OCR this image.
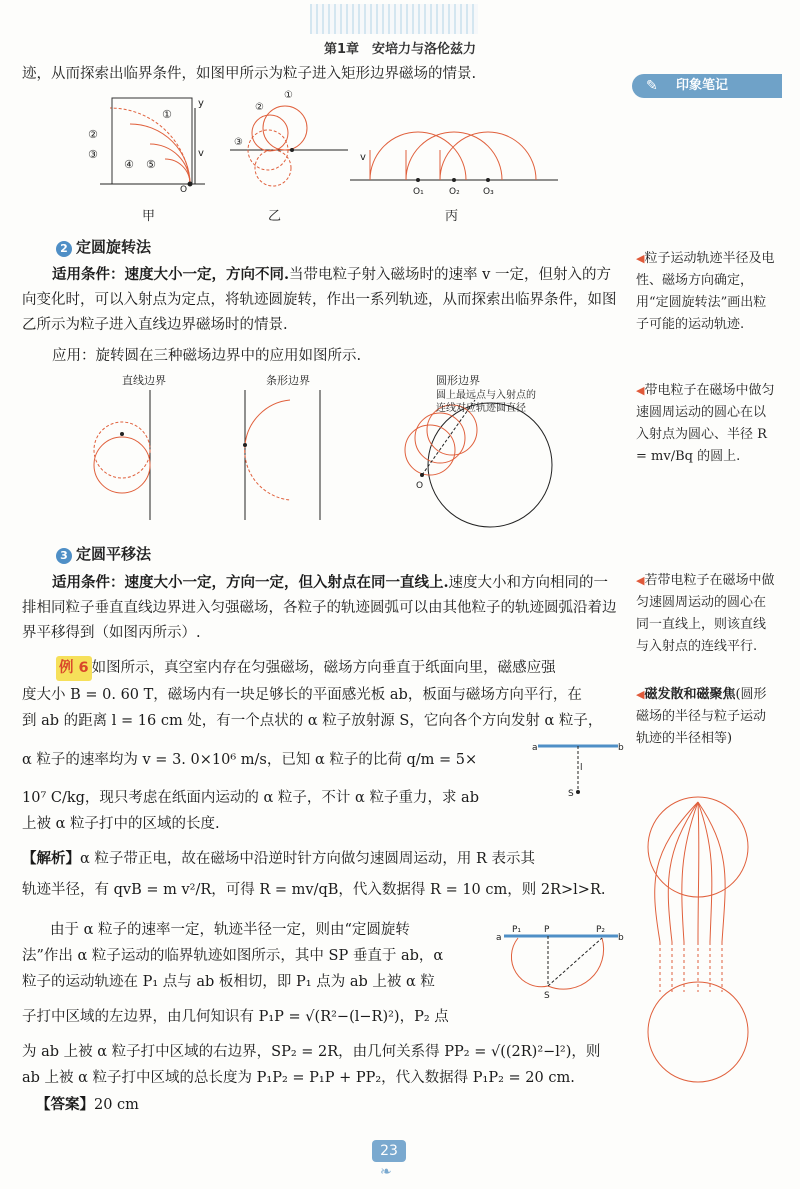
第1章　安培力与洛伦兹力
✎ 印象笔记
迹，从而探索出临界条件，如图甲所示为粒子进入矩形边界磁场的情景.
②
③
①
④ ⑤
y
v
O
②
①
③
v
O₁	O₂	O₃
甲	乙	丙
2 定圆旋转法
适用条件：速度大小一定，方向不同.当带电粒子射入磁场时的速率 v 一定，但射入的方向变化时，可以入射点为定点，将轨迹圆旋转，作出一系列轨迹，从而探索出临界条件，如图乙所示为粒子进入直线边界磁场时的情景.
应用：旋转圆在三种磁场边界中的应用如图所示.
O
直线边界	条形边界	圆形边界
圆上最远点与入射点的
连线对应轨迹圆直径
◀粒子运动轨迹半径及电性、磁场方向确定，用“定圆旋转法”画出粒子可能的运动轨迹.
◀带电粒子在磁场中做匀速圆周运动的圆心在以入射点为圆心、半径 R = mv/Bq 的圆上.
◀若带电粒子在磁场中做匀速圆周运动的圆心在同一直线上，则该直线与入射点的连线平行.
◀磁发散和磁聚焦(圆形磁场的半径与粒子运动轨迹的半径相等)
3 定圆平移法
适用条件：速度大小一定，方向一定，但入射点在同一直线上.速度大小和方向相同的一排相同粒子垂直直线边界进入匀强磁场，各粒子的轨迹圆弧可以由其他粒子的轨迹圆弧沿着边界平移得到（如图丙所示）.
例 6 如图所示，真空室内存在匀强磁场，磁场方向垂直于纸面向里，磁感应强
度大小 B = 0. 60 T，磁场内有一块足够长的平面感光板 ab，板面与磁场方向平行，在
到 ab 的距离 l = 16 cm 处，有一个点状的 α 粒子放射源 S，它向各个方向发射 α 粒子，
α 粒子的速率均为 v = 3. 0×10⁶ m/s，已知 α 粒子的比荷 q/m = 5×
10⁷ C/kg，现只考虑在纸面内运动的 α 粒子，不计 α 粒子重力，求 ab
上被 α 粒子打中的区域的长度.
a	b
S
l
【解析】α 粒子带正电，故在磁场中沿逆时针方向做匀速圆周运动，用 R 表示其
轨迹半径，有 qvB = m v²/R，可得 R = mv/qB，代入数据得 R = 10 cm，则 2R>l>R.
由于 α 粒子的速率一定，轨迹半径一定，则由“定圆旋转
法”作出 α 粒子运动的临界轨迹如图所示，其中 SP 垂直于 ab，α
粒子的运动轨迹在 P₁ 点与 ab 板相切，即 P₁ 点为 ab 上被 α 粒
子打中区域的左边界，由几何知识有 P₁P = √(R²−(l−R)²)，P₂ 点
为 ab 上被 α 粒子打中区域的右边界，SP₂ = 2R，由几何关系得 PP₂ = √((2R)²−l²)，则
ab 上被 α 粒子打中区域的总长度为 P₁P₂ = P₁P + PP₂，代入数据得 P₁P₂ = 20 cm.
a	b
P₁	P	P₂
S
【答案】20 cm
23
❧
